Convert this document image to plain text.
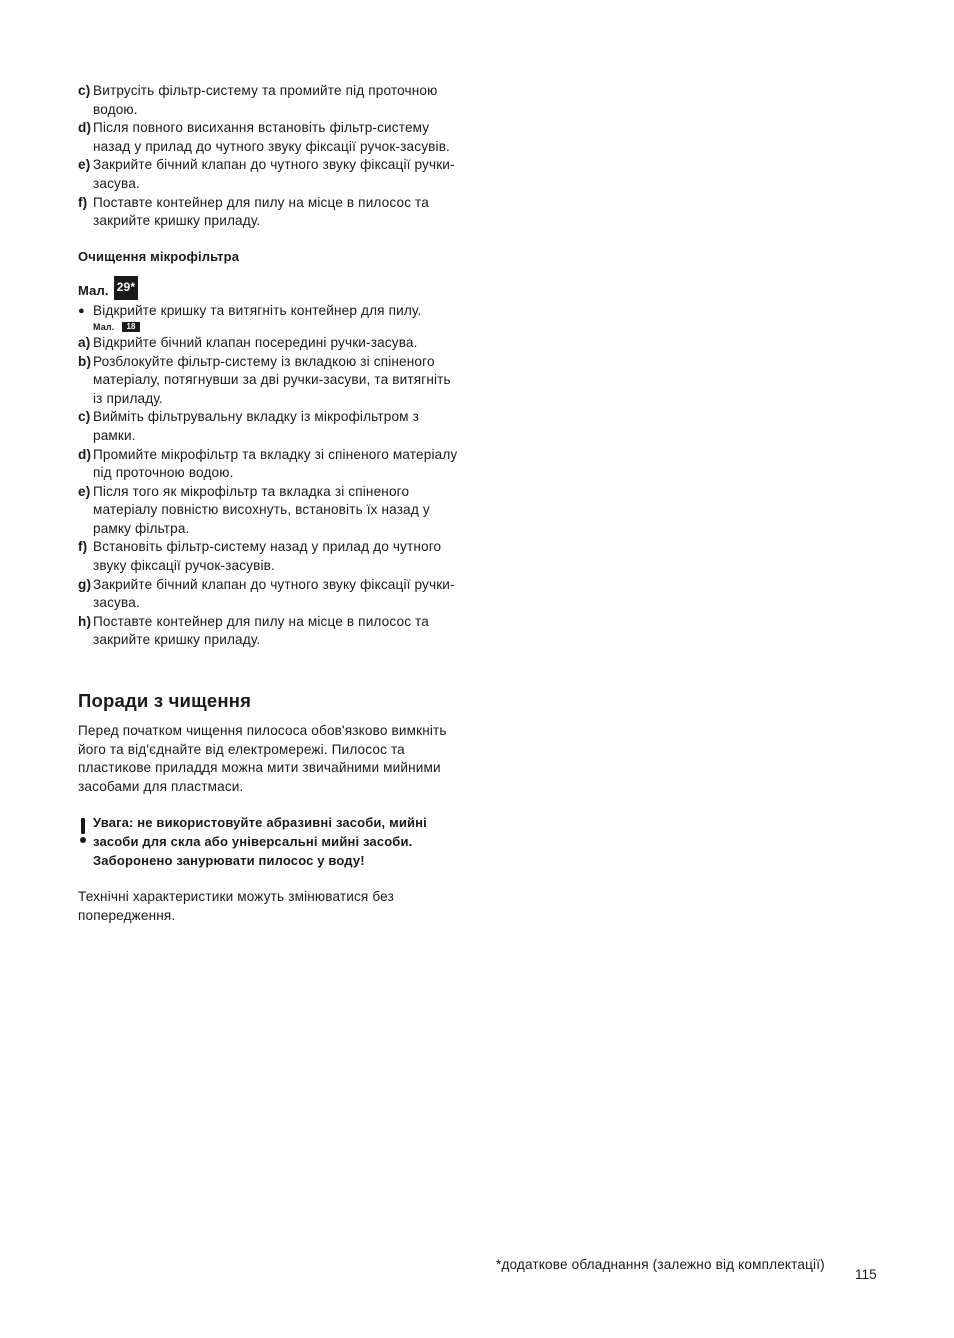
c) Витрусіть фільтр-систему та промийте під проточною водою.
d) Після повного висихання встановіть фільтр-систему назад у прилад до чутного звуку фіксації ручок-засувів.
e) Закрийте бічний клапан до чутного звуку фіксації ручки-засува.
f) Поставте контейнер для пилу на місце в пилосос та закрийте кришку приладу.
Очищення мікрофільтра
Мал. 29*
● Відкрийте кришку та витягніть контейнер для пилу.
Мал.	18
a) Відкрийте бічний клапан посередині ручки-засува.
b) Розблокуйте фільтр-систему із вкладкою зі спіненого матеріалу, потягнувши за дві ручки-засуви, та витягніть із приладу.
c) Вийміть фільтрувальну вкладку із мікрофільтром з рамки.
d) Промийте мікрофільтр та вкладку зі спіненого матеріалу під проточною водою.
e) Після того як мікрофільтр та вкладка зі спіненого матеріалу повністю висохнуть, встановіть їх назад у рамку фільтра.
f) Встановіть фільтр-систему назад у прилад до чутного звуку фіксації ручок-засувів.
g) Закрийте бічний клапан до чутного звуку фіксації ручки-засува.
h) Поставте контейнер для пилу на місце в пилосос та закрийте кришку приладу.
Поради з чищення

Перед початком чищення пилососа обов'язково вимкніть його та від'єднайте від електромережі. Пилосос та пластикове приладдя можна мити звичайними мийними засобами для пластмаси.

Увага: не використовуйте абразивні засоби, мийні засоби для скла або універсальні мийні засоби. Заборонено занурювати пилосос у воду!

Технічні характеристики можуть змінюватися без попередження.

*додаткове обладнання (залежно від комплектації)
115
